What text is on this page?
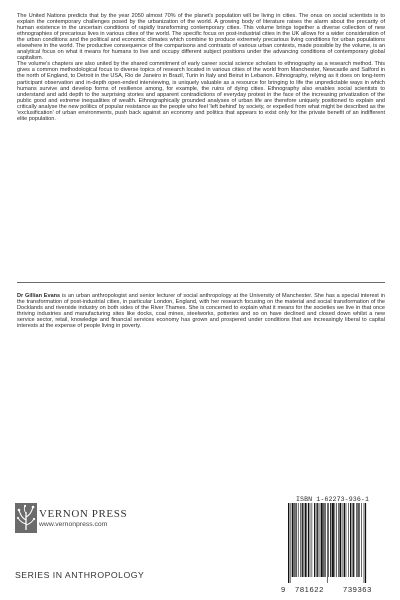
The United Nations predicts that by the year 2050 almost 70% of the planet's population will be living in cities. The onus on social scientists is to explain the contemporary challenges posed by the urbanization of the world. A growing body of literature raises the alarm about the precarity of human existence in the uncertain conditions of rapidly transforming contemporary cities. This volume brings together a diverse collection of new ethnographies of precarious lives in various cities of the world. The specific focus on post-industrial cities in the UK allows for a wider consideration of the urban conditions and the political and economic climates which combine to produce extremely precarious living conditions for urban populations elsewhere in the world. The productive consequence of the comparisons and contrasts of various urban contexts, made possible by the volume, is an analytical focus on what it means for humans to live and occupy different subject positions under the advancing conditions of contemporary global capitalism.

The volume's chapters are also united by the shared commitment of early career social science scholars to ethnography as a research method. This gives a common methodological focus to diverse topics of research located in various cities of the world from Manchester, Newcastle and Salford in the north of England, to Detroit in the USA, Rio de Janeiro in Brazil, Turin in Italy and Beirut in Lebanon. Ethnography, relying as it does on long-term participant observation and in-depth open-ended interviewing, is uniquely valuable as a resource for bringing to life the unpredictable ways in which humans survive and develop forms of resilience among, for example, the ruins of dying cities. Ethnography also enables social scientists to understand and add depth to the surprising stories and apparent contradictions of everyday protest in the face of the increasing privatization of the public good and extreme inequalities of wealth. Ethnographically grounded analyses of urban life are therefore uniquely positioned to explain and critically analyse the new politics of popular resistance as the people who feel 'left behind' by society, or expelled from what might be described as the 'exclusification' of urban environments, push back against an economy and politics that appears to exist only for the private benefit of an indifferent elite population.

Dr Gillian Evans is an urban anthropologist and senior lecturer of social anthropology at the University of Manchester. She has a special interest in the transformation of post-industrial cities, in particular London, England, with her research focusing on the material and social transformation of the Docklands and riverside industry on both sides of the River Thames. She is concerned to explain what it means for the societies we live in that once thriving industries and manufacturing sites like docks, coal mines, steelworks, potteries and so on have declined and closed down whilst a new service sector, retail, knowledge and financial services economy has grown and prospered under conditions that are increasingly liberal to capital interests at the expense of people living in poverty.

VERNON PRESS
www.vernonpress.com
SERIES IN ANTHROPOLOGY
ISBN 1-62273-936-1
9 781622	739363
